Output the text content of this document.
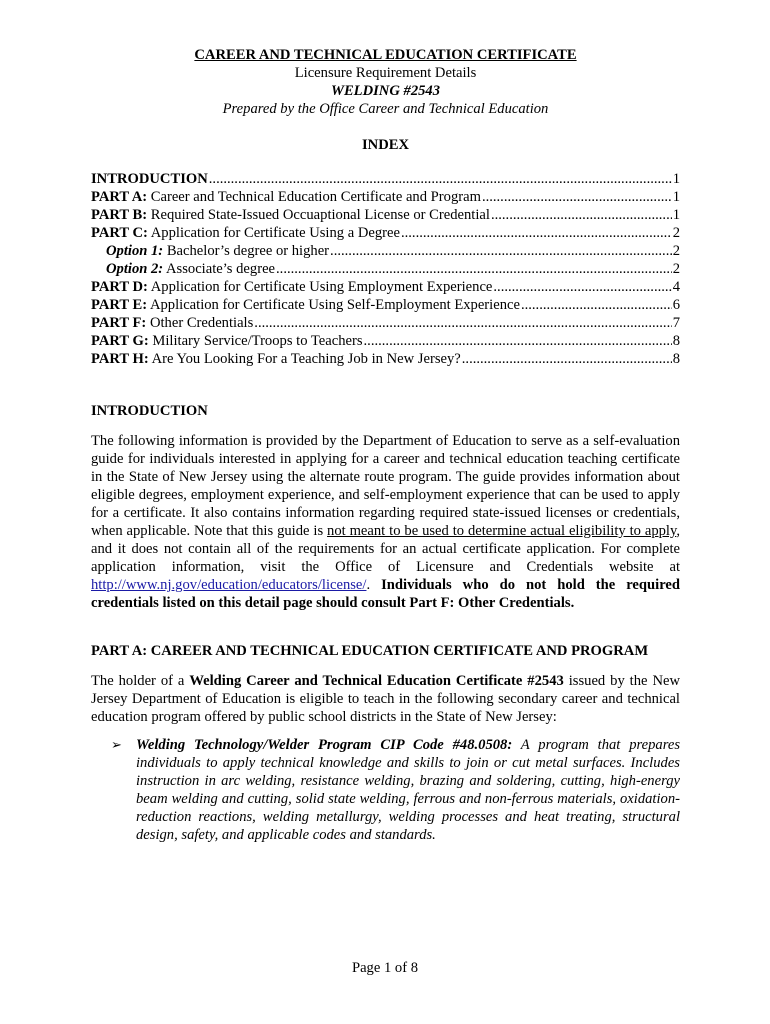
CAREER AND TECHNICAL EDUCATION CERTIFICATE
Licensure Requirement Details
WELDING #2543
Prepared by the Office Career and Technical Education
INDEX
INTRODUCTION .....	1
PART A: Career and Technical Education Certificate and Program .....	1
PART B: Required State-Issued Occuaptional License or Credential .....	1
PART C: Application for Certificate Using a Degree .....	2
Option 1: Bachelor’s degree or higher .....	2
Option 2: Associate’s degree .....	2
PART D: Application for Certificate Using Employment Experience .....	4
PART E: Application for Certificate Using Self-Employment Experience .....	6
PART F: Other Credentials .....	7
PART G: Military Service/Troops to Teachers .....	8
PART H: Are You Looking For a Teaching Job in New Jersey? .....	8
INTRODUCTION

The following information is provided by the Department of Education to serve as a self-evaluation guide for individuals interested in applying for a career and technical education teaching certificate in the State of New Jersey using the alternate route program. The guide provides information about eligible degrees, employment experience, and self-employment experience that can be used to apply for a certificate. It also contains information regarding required state-issued licenses or credentials, when applicable. Note that this guide is not meant to be used to determine actual eligibility to apply, and it does not contain all of the requirements for an actual certificate application. For complete application information, visit the Office of Licensure and Credentials website at http://www.nj.gov/education/educators/license/. Individuals who do not hold the required credentials listed on this detail page should consult Part F: Other Credentials.

PART A: CAREER AND TECHNICAL EDUCATION CERTIFICATE AND PROGRAM

The holder of a Welding Career and Technical Education Certificate #2543 issued by the New Jersey Department of Education is eligible to teach in the following secondary career and technical education program offered by public school districts in the State of New Jersey:

➢ Welding Technology/Welder Program CIP Code #48.0508: A program that prepares individuals to apply technical knowledge and skills to join or cut metal surfaces. Includes instruction in arc welding, resistance welding, brazing and soldering, cutting, high-energy beam welding and cutting, solid state welding, ferrous and non-ferrous materials, oxidation-reduction reactions, welding metallurgy, welding processes and heat treating, structural design, safety, and applicable codes and standards.
Page 1 of 8
